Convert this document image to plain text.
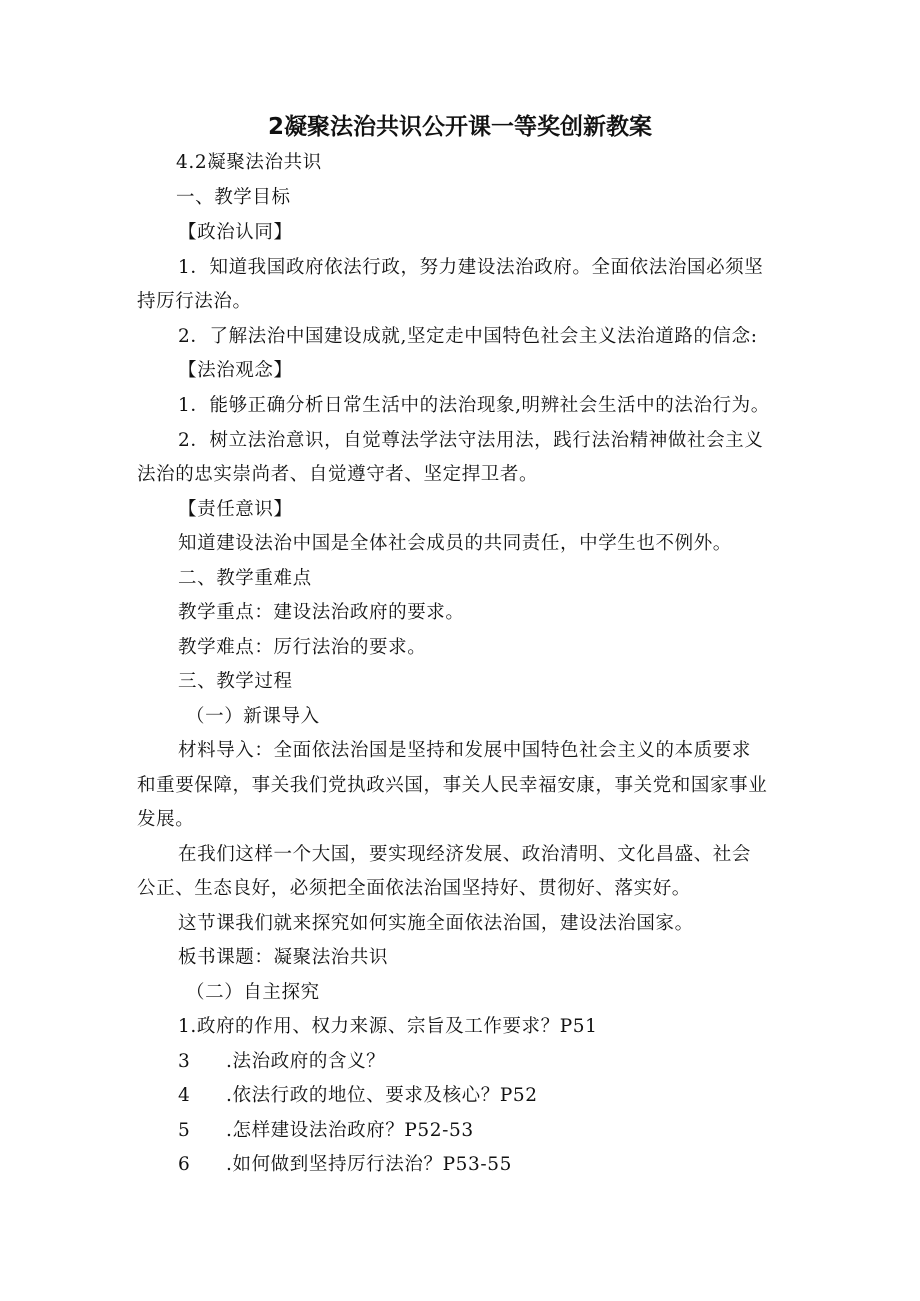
2凝聚法治共识公开课一等奖创新教案
4.2凝聚法治共识
一、教学目标
【政治认同】
1．知道我国政府依法行政，努力建设法治政府。全面依法治国必须坚
持厉行法治。
2．了解法治中国建设成就,坚定走中国特色社会主义法治道路的信念:
【法治观念】
1．能够正确分析日常生活中的法治现象,明辨社会生活中的法治行为。
2．树立法治意识，自觉尊法学法守法用法，践行法治精神做社会主义
法治的忠实崇尚者、自觉遵守者、坚定捍卫者。
【责任意识】
知道建设法治中国是全体社会成员的共同责任，中学生也不例外。
二、教学重难点
教学重点：建设法治政府的要求。
教学难点：厉行法治的要求。
三、教学过程
（一）新课导入
材料导入：全面依法治国是坚持和发展中国特色社会主义的本质要求
和重要保障，事关我们党执政兴国，事关人民幸福安康，事关党和国家事业
发展。
在我们这样一个大国，要实现经济发展、政治清明、文化昌盛、社会
公正、生态良好，必须把全面依法治国坚持好、贯彻好、落实好。
这节课我们就来探究如何实施全面依法治国，建设法治国家。
板书课题：凝聚法治共识
（二）自主探究
1.政府的作用、权力来源、宗旨及工作要求？P51
3 .法治政府的含义？
4 .依法行政的地位、要求及核心？P52
5 .怎样建设法治政府？P52-53
6 .如何做到坚持厉行法治？P53-55
